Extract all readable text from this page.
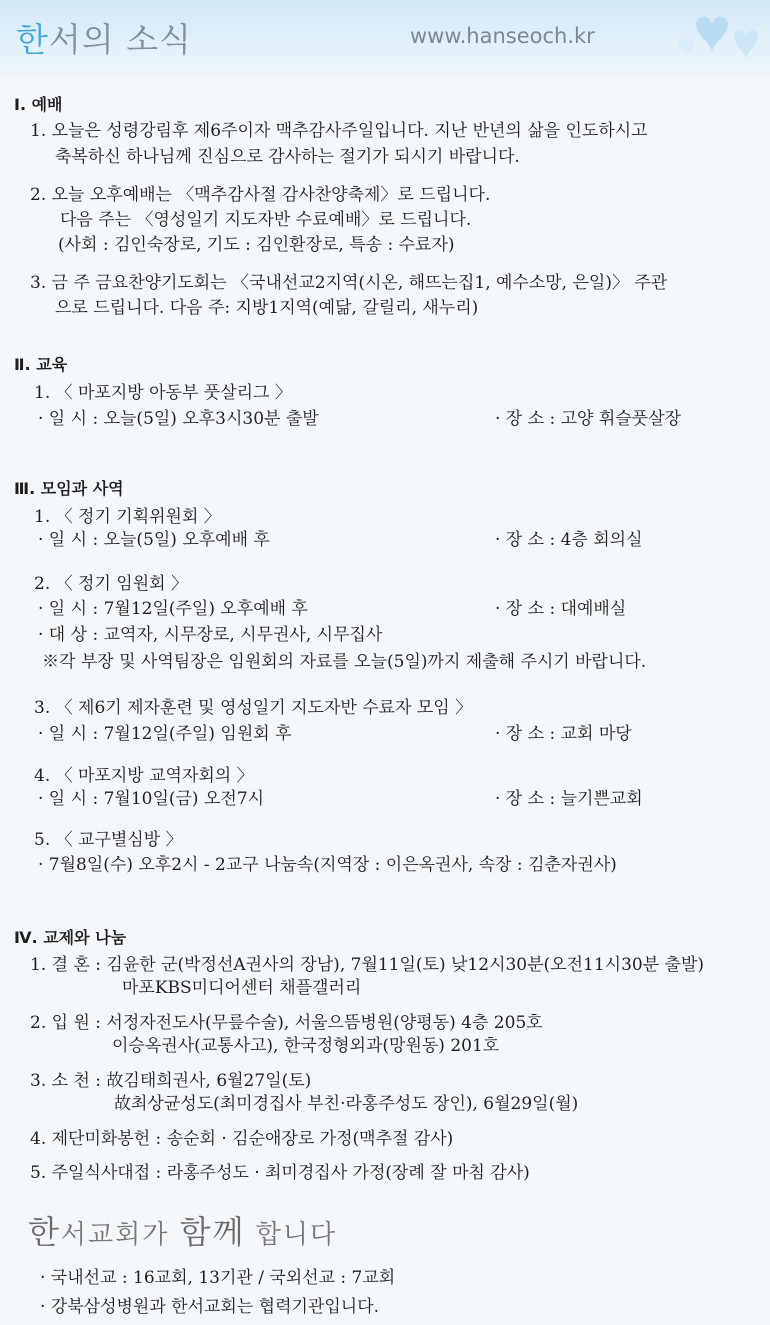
한서의 소식	www.hanseoch.kr
Ⅰ. 예배
1. 오늘은 성령강림후 제6주이자 맥추감사주일입니다. 지난 반년의 삶을 인도하시고
축복하신 하나님께 진심으로 감사하는 절기가 되시기 바랍니다.
2. 오늘 오후예배는 〈맥추감사절 감사찬양축제〉로 드립니다.
다음 주는 〈영성일기 지도자반 수료예배〉로 드립니다.
(사회 : 김인숙장로, 기도 : 김인환장로, 특송 : 수료자)
3. 금 주 금요찬양기도회는 〈국내선교2지역(시온, 해뜨는집1, 예수소망, 은일)〉 주관
으로 드립니다. 다음 주: 지방1지역(예닮, 갈릴리, 새누리)
Ⅱ. 교육
1. 〈 마포지방 아동부 풋살리그 〉
· 일 시 : 오늘(5일) 오후3시30분 출발	· 장 소 : 고양 휘슬풋살장
Ⅲ. 모임과 사역
1. 〈 정기 기획위원회 〉
· 일 시 : 오늘(5일) 오후예배 후	· 장 소 : 4층 회의실
2. 〈 정기 임원회 〉
· 일 시 : 7월12일(주일) 오후예배 후	· 장 소 : 대예배실
· 대 상 : 교역자, 시무장로, 시무권사, 시무집사
※각 부장 및 사역팀장은 임원회의 자료를 오늘(5일)까지 제출해 주시기 바랍니다.
3. 〈 제6기 제자훈련 및 영성일기 지도자반 수료자 모임 〉
· 일 시 : 7월12일(주일) 임원회 후	· 장 소 : 교회 마당
4. 〈 마포지방 교역자회의 〉
· 일 시 : 7월10일(금) 오전7시	· 장 소 : 늘기쁜교회
5. 〈 교구별심방 〉
· 7월8일(수) 오후2시 - 2교구 나눔속(지역장 : 이은옥권사, 속장 : 김춘자권사)
Ⅳ. 교제와 나눔
1. 결 혼 : 김윤한 군(박정선A권사의 장남), 7월11일(토) 낮12시30분(오전11시30분 출발)
마포KBS미디어센터 채플갤러리
2. 입 원 : 서정자전도사(무릎수술), 서울으뜸병원(양평동) 4층 205호
이승옥권사(교통사고), 한국정형외과(망원동) 201호
3. 소 천 : 故김태희권사, 6월27일(토)
故최상균성도(최미경집사 부친·라홍주성도 장인), 6월29일(월)
4. 제단미화봉헌 : 송순회 · 김순애장로 가정(맥추절 감사)
5. 주일식사대접 : 라홍주성도 · 최미경집사 가정(장례 잘 마침 감사)
한서교회가 함께 합니다
· 국내선교 : 16교회, 13기관 / 국외선교 : 7교회
· 강북삼성병원과 한서교회는 협력기관입니다.
